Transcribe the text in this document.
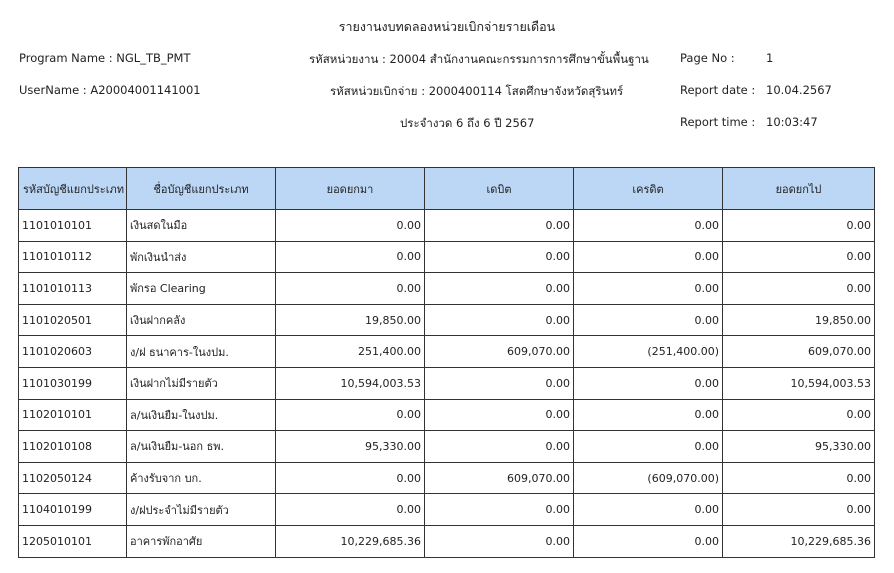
รายงานงบทดลองหน่วยเบิกจ่ายรายเดือน
Program Name : NGL_TB_PMT
UserName : A20004001141001
รหัสหน่วยงาน : 20004 สำนักงานคณะกรรมการการศึกษาขั้นพื้นฐาน
รหัสหน่วยเบิกจ่าย : 2000400114 โสตศึกษาจังหวัดสุรินทร์
ประจำงวด 6 ถึง 6 ปี 2567
Page No :	1
Report date : 10.04.2567
Report time : 10:03:47
รหัสบัญชีแยกประเภท	ชื่อบัญชีแยกประเภท	ยอดยกมา	เดบิต	เครดิต	ยอดยกไป
1101010101	เงินสดในมือ	0.00	0.00	0.00	0.00
1101010112	พักเงินนำส่ง	0.00	0.00	0.00	0.00
1101010113	พักรอ Clearing	0.00	0.00	0.00	0.00
1101020501	เงินฝากคลัง	19,850.00	0.00	0.00	19,850.00
1101020603	ง/ฝ ธนาคาร-ในงปม.	251,400.00	609,070.00	(251,400.00)	609,070.00
1101030199	เงินฝากไม่มีรายตัว	10,594,003.53	0.00	0.00	10,594,003.53
1102010101	ล/นเงินยืม-ในงปม.	0.00	0.00	0.00	0.00
1102010108	ล/นเงินยืม-นอก ธพ.	95,330.00	0.00	0.00	95,330.00
1102050124	ค้างรับจาก บก.	0.00	609,070.00	(609,070.00)	0.00
1104010199	ง/ฝประจำไม่มีรายตัว	0.00	0.00	0.00	0.00
1205010101	อาคารพักอาศัย	10,229,685.36	0.00	0.00	10,229,685.36
